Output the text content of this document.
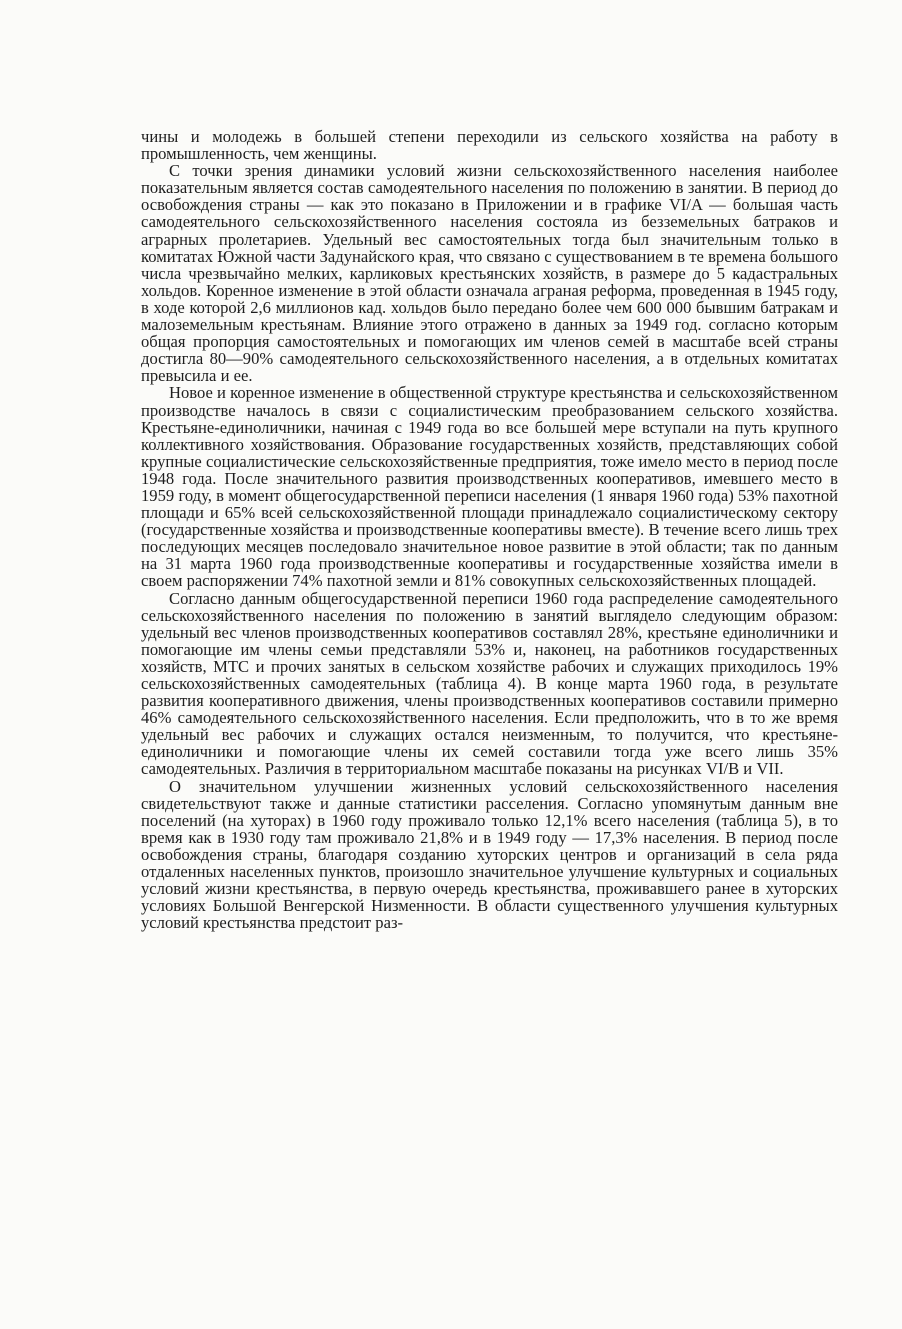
чины и молодежь в большей степени переходили из сельского хозяйства на работу в промышленность, чем женщины.

С точки зрения динамики условий жизни сельскохозяйственного населения наиболее показательным является состав самодеятельного населения по положению в занятии. В период до освобождения страны — как это показано в Приложении и в графике VI/A — большая часть самодеятельного сельскохозяйственного населения состояла из безземельных батраков и аграрных пролетариев. Удельный вес самостоятельных тогда был значительным только в комитатах Южной части Задунайского края, что связано с существованием в те времена большого числа чрезвычайно мелких, карликовых крестьянских хозяйств, в размере до 5 кадастральных хольдов. Коренное изменение в этой области означала аграная реформа, проведенная в 1945 году, в ходе которой 2,6 миллионов кад. хольдов было передано более чем 600 000 бывшим батракам и малоземельным крестьянам. Влияние этого отражено в данных за 1949 год. согласно которым общая пропорция самостоятельных и помогающих им членов семей в масштабе всей страны достигла 80—90% самодеятельного сельскохозяйственного населения, а в отдельных комитатах превысила и ее.

Новое и коренное изменение в общественной структуре крестьянства и сельскохозяйственном производстве началось в связи с социалистическим преобразованием сельского хозяйства. Крестьяне-единоличники, начиная с 1949 года во все большей мере вступали на путь крупного коллективного хозяйствования. Образование государственных хозяйств, представляющих собой крупные социалистические сельскохозяйственные предприятия, тоже имело место в период после 1948 года. После значительного развития производственных кооперативов, имевшего место в 1959 году, в момент общегосударственной переписи населения (1 января 1960 года) 53% пахотной площади и 65% всей сельскохозяйственной площади принадлежало социалистическому сектору (государственные хозяйства и производственные кооперативы вместе). В течение всего лишь трех последующих месяцев последовало значительное новое развитие в этой области; так по данным на 31 марта 1960 года производственные кооперативы и государственные хозяйства имели в своем распоряжении 74% пахотной земли и 81% совокупных сельскохозяйственных площадей.

Согласно данным общегосударственной переписи 1960 года распределение самодеятельного сельскохозяйственного населения по положению в занятий выглядело следующим образом: удельный вес членов производственных кооперативов составлял 28%, крестьяне единоличники и помогающие им члены семьи представляли 53% и, наконец, на работников государственных хозяйств, МТС и прочих занятых в сельском хозяйстве рабочих и служащих приходилось 19% сельскохозяйственных самодеятельных (таблица 4). В конце марта 1960 года, в результате развития кооперативного движения, члены производственных кооперативов составили примерно 46% самодеятельного сельскохозяйственного населения. Если предположить, что в то же время удельный вес рабочих и служащих остался неизменным, то получится, что крестьяне-единоличники и помогающие члены их семей составили тогда уже всего лишь 35% самодеятельных. Различия в территориальном масштабе показаны на рисунках VI/B и VII.

О значительном улучшении жизненных условий сельскохозяйственного населения свидетельствуют также и данные статистики расселения. Согласно упомянутым данным вне поселений (на хуторах) в 1960 году проживало только 12,1% всего населения (таблица 5), в то время как в 1930 году там проживало 21,8% и в 1949 году — 17,3% населения. В период после освобождения страны, благодаря созданию хуторских центров и организаций в села ряда отдаленных населенных пунктов, произошло значительное улучшение культурных и социальных условий жизни крестьянства, в первую очередь крестьянства, проживавшего ранее в хуторских условиях Большой Венгерской Низменности. В области существенного улучшения культурных условий крестьянства предстоит раз-
